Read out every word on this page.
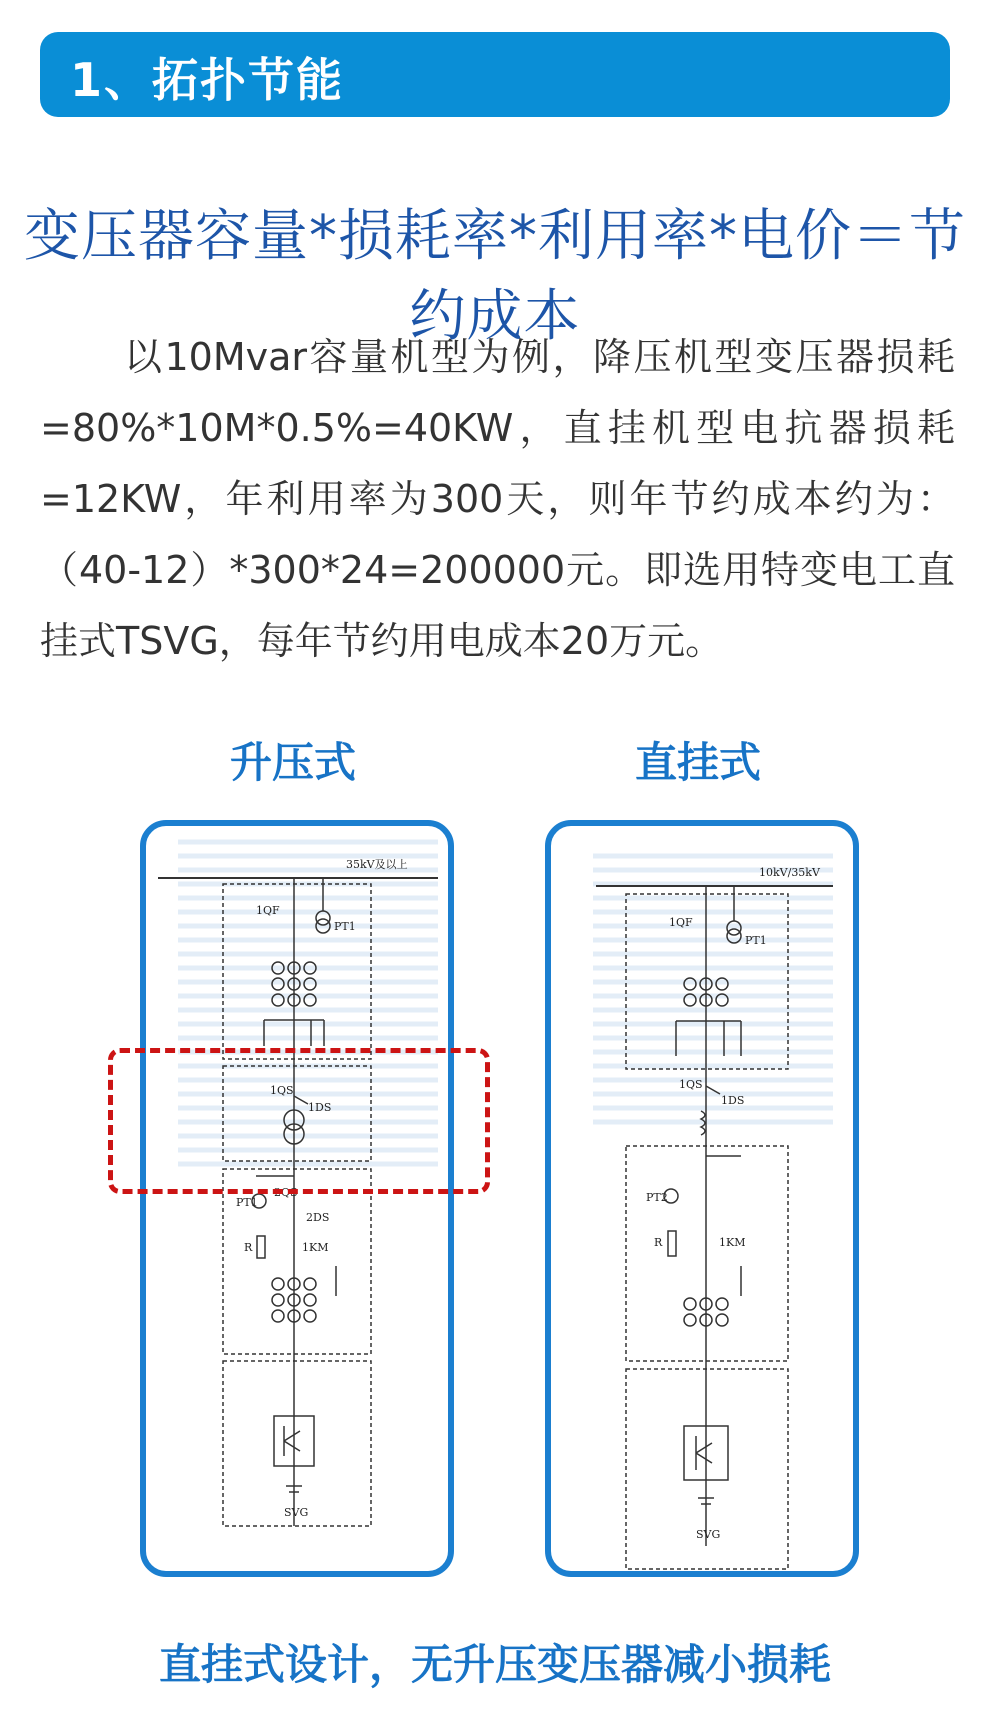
1、拓扑节能
变压器容量*损耗率*利用率*电价＝节约成本
以10Mvar容量机型为例，降压机型变压器损耗=80%*10M*0.5%=40KW，直挂机型电抗器损耗=12KW，年利用率为300天，则年节约成本约为：（40-12）*300*24=200000元。即选用特变电工直挂式TSVG，每年节约用电成本20万元。
升压式	直挂式
35kV及以上
1QF
PT1
1QS
1DS
PT1
2QS
2DS
R	1KM
SVG
10kV/35kV
1QF
PT1
1QS
1DS
PT2
R	1KM
SVG
直挂式设计，无升压变压器减小损耗
